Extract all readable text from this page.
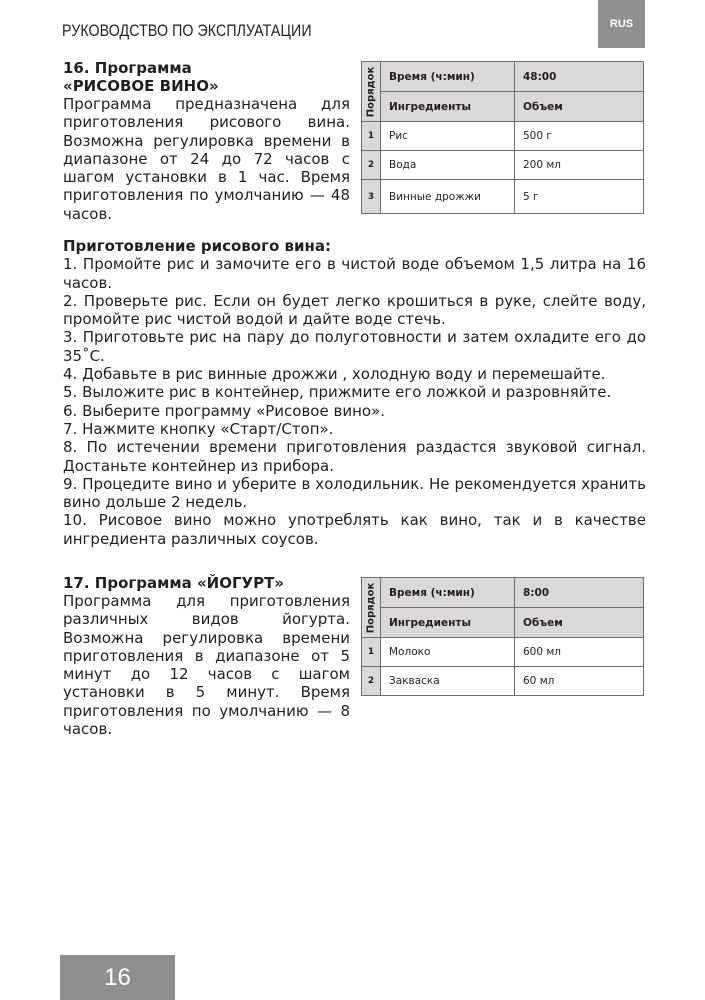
РУКОВОДСТВО ПО ЭКСПЛУАТАЦИИ	RUS
16. Программа
«РИСОВОЕ ВИНО»
Программа предназначена для приготовления рисового вина. Возможна регулировка времени в диапазоне от 24 до 72 часов с шагом установки в 1 час. Время приготовления по умолчанию — 48 часов.
Порядок	Время (ч:мин)	48:00
	Ингредиенты	Объем
1	Рис	500 г
2	Вода	200 мл
3	Винные дрожжи	5 г
Приготовление рисового вина:
1. Промойте рис и замочите его в чистой воде объемом 1,5 литра на 16 часов.
2. Проверьте рис. Если он будет легко крошиться в руке, слейте воду, промойте рис чистой водой и дайте воде стечь.
3. Приготовьте рис на пару до полуготовности и затем охладите его до 35˚С.
4. Добавьте в рис винные дрожжи , холодную воду и перемешайте.
5. Выложите рис в контейнер, прижмите его ложкой и разровняйте.
6. Выберите программу «Рисовое вино».
7. Нажмите кнопку «Старт/Стоп».
8. По истечении времени приготовления раздастся звуковой сигнал. Достаньте контейнер из прибора.
9. Процедите вино и уберите в холодильник. Не рекомендуется хранить вино дольше 2 недель.
10. Рисовое вино можно употреблять как вино, так и в качестве ингредиента различных соусов.
17. Программа «ЙОГУРТ»
Программа для приготовления различных видов йогурта. Возможна регулировка времени приготовления в диапазоне от 5 минут до 12 часов с шагом установки в 5 минут. Время приготовления по умолчанию — 8 часов.
Порядок	Время (ч:мин)	8:00
	Ингредиенты	Объем
1	Молоко	600 мл
2	Закваска	60 мл
16
